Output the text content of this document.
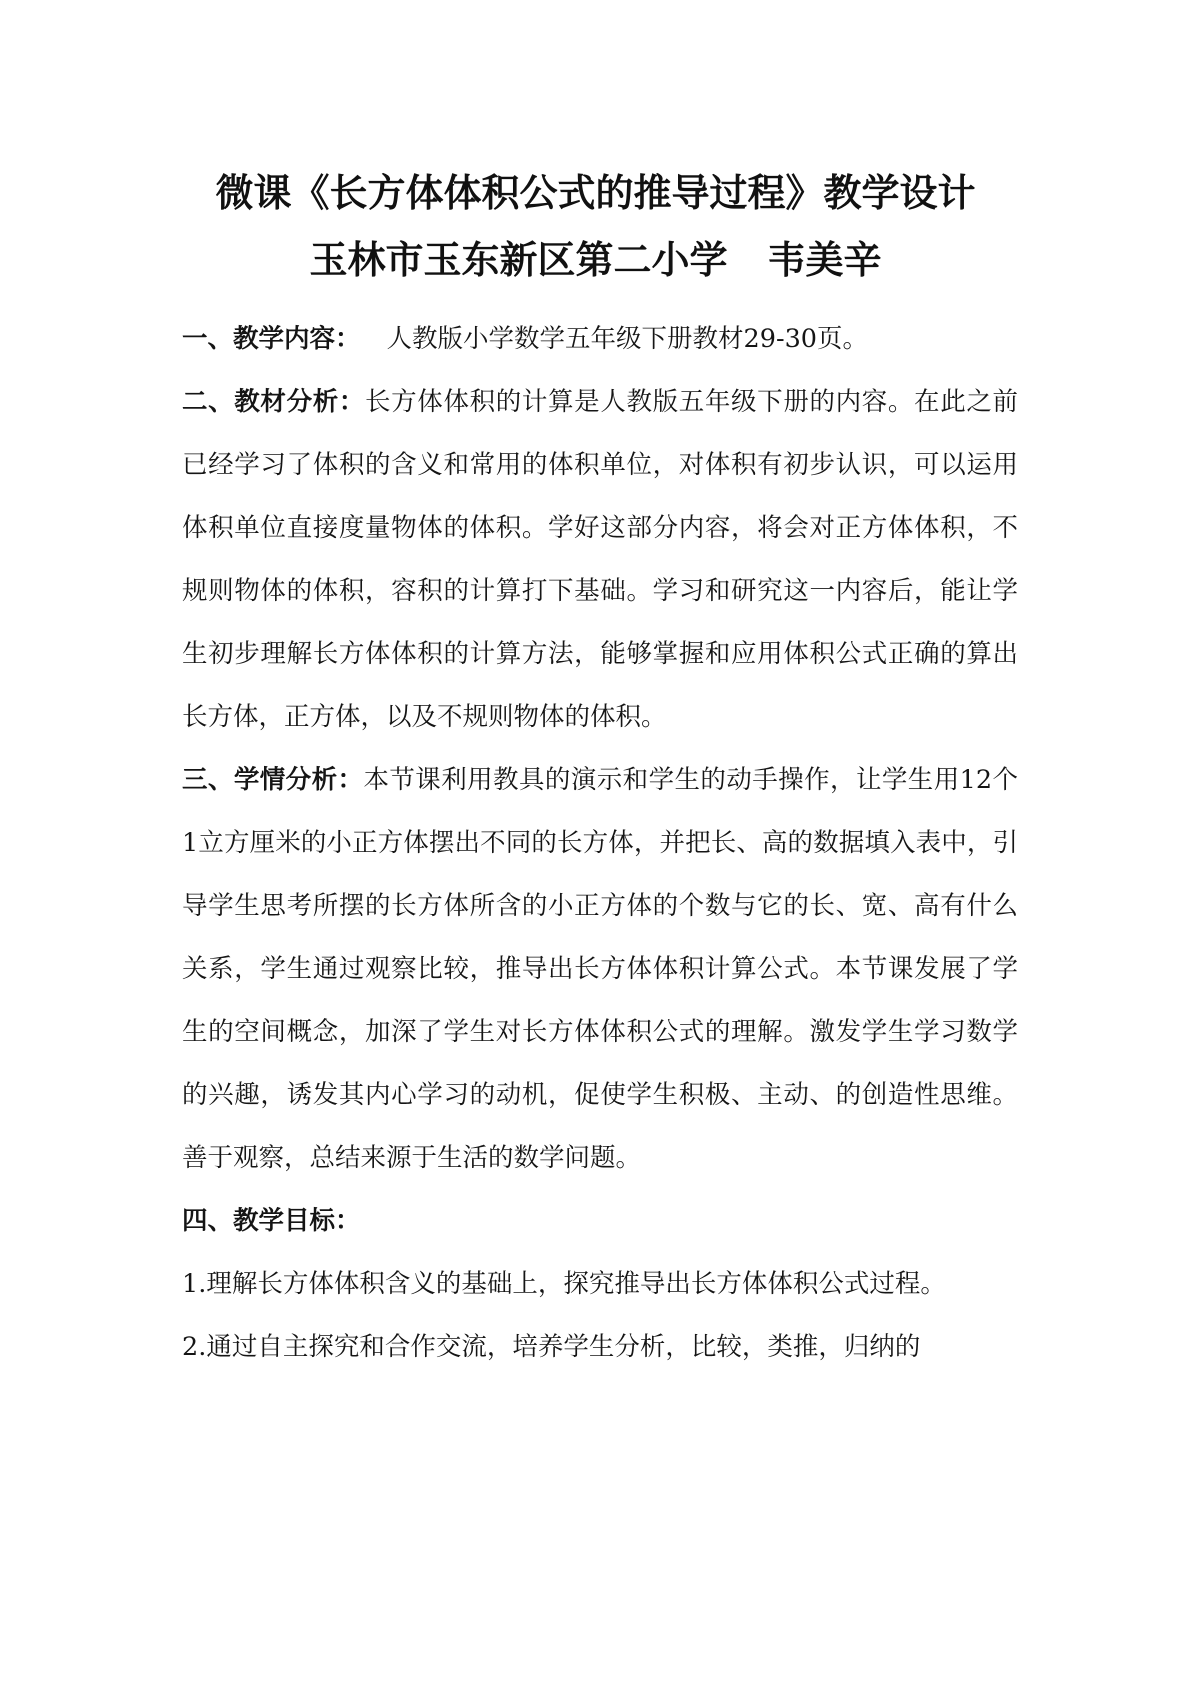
微课《长方体体积公式的推导过程》教学设计
玉林市玉东新区第二小学 韦美辛

一、教学内容： 人教版小学数学五年级下册教材29-30页。

二、教材分析：长方体体积的计算是人教版五年级下册的内容。在此之前已经学习了体积的含义和常用的体积单位，对体积有初步认识，可以运用体积单位直接度量物体的体积。学好这部分内容，将会对正方体体积，不规则物体的体积，容积的计算打下基础。学习和研究这一内容后，能让学生初步理解长方体体积的计算方法，能够掌握和应用体积公式正确的算出长方体，正方体，以及不规则物体的体积。

三、学情分析：本节课利用教具的演示和学生的动手操作，让学生用12个1立方厘米的小正方体摆出不同的长方体，并把长、高的数据填入表中，引导学生思考所摆的长方体所含的小正方体的个数与它的长、宽、高有什么关系，学生通过观察比较，推导出长方体体积计算公式。本节课发展了学生的空间概念，加深了学生对长方体体积公式的理解。激发学生学习数学的兴趣，诱发其内心学习的动机，促使学生积极、主动、的创造性思维。善于观察，总结来源于生活的数学问题。

四、教学目标：

1.理解长方体体积含义的基础上，探究推导出长方体体积公式过程。

2.通过自主探究和合作交流，培养学生分析，比较，类推，归纳的
